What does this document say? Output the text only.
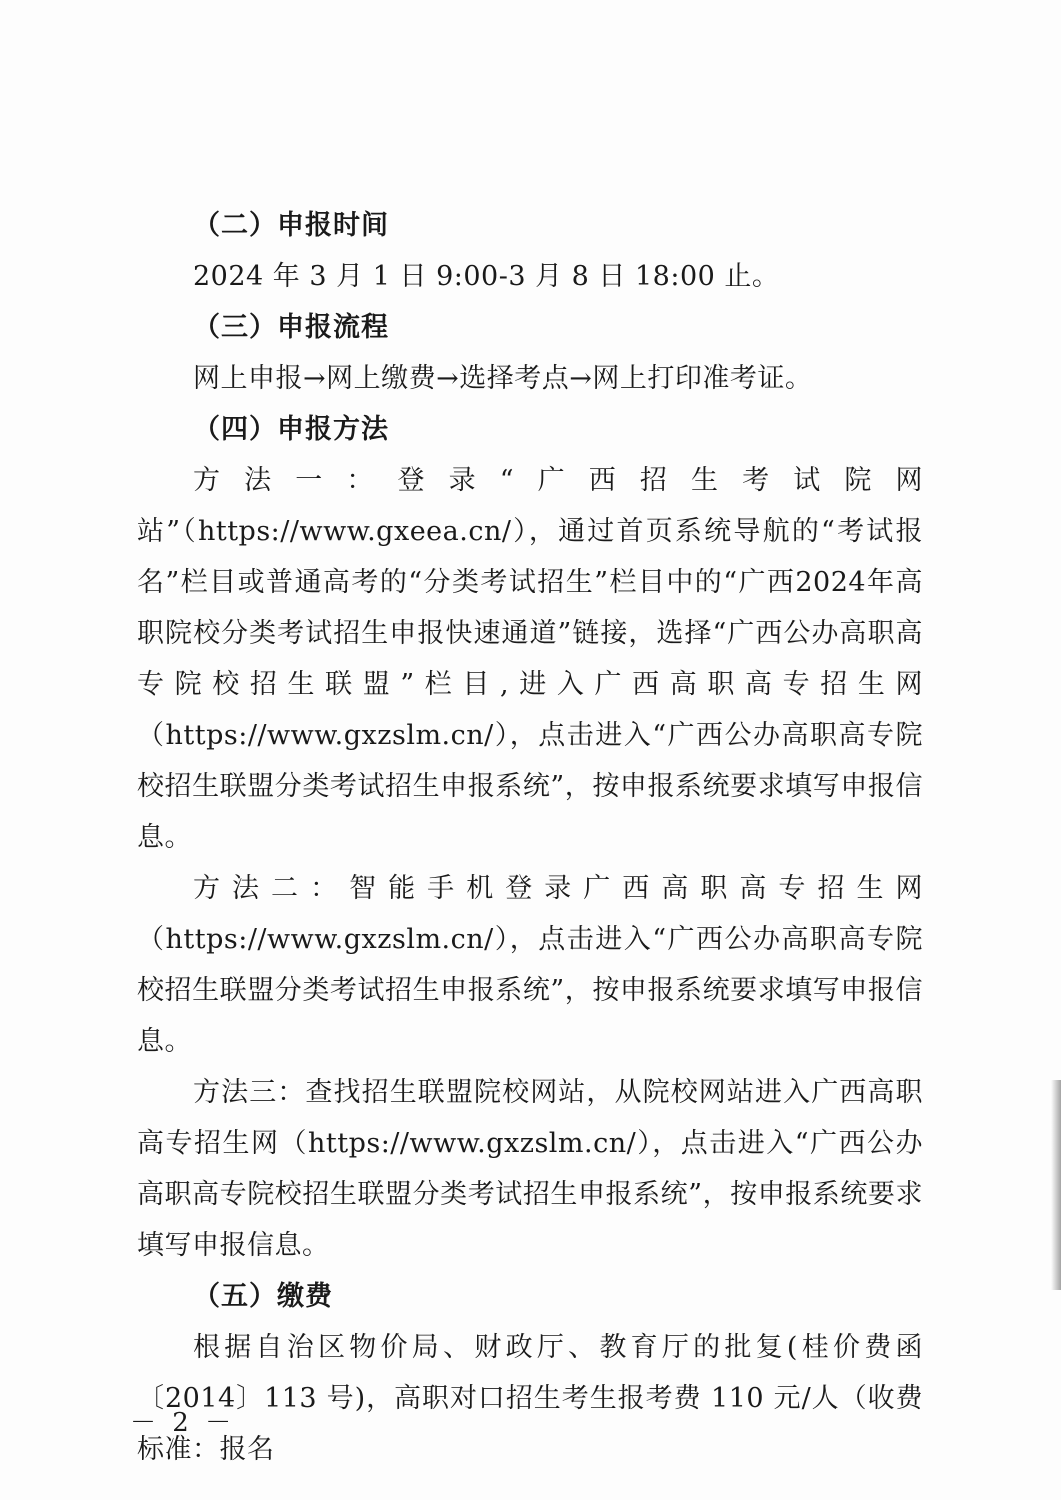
（二）申报时间

2024 年 3 月 1 日 9:00-3 月 8 日 18:00 止。

（三）申报流程

网上申报→网上缴费→选择考点→网上打印准考证。

（四）申报方法

方法一：登录“广西招生考试院网站”（https://www.gxeea.cn/），通过首页系统导航的“考试报名”栏目或普通高考的“分类考试招生”栏目中的“广西2024年高职院校分类考试招生申报快速通道”链接，选择“广西公办高职高专院校招生联盟”栏目,进入广西高职高专招生网（https://www.gxzslm.cn/），点击进入“广西公办高职高专院校招生联盟分类考试招生申报系统”，按申报系统要求填写申报信息。

方法二：智能手机登录广西高职高专招生网（https://www.gxzslm.cn/），点击进入“广西公办高职高专院校招生联盟分类考试招生申报系统”，按申报系统要求填写申报信息。

方法三：查找招生联盟院校网站，从院校网站进入广西高职高专招生网（https://www.gxzslm.cn/），点击进入“广西公办高职高专院校招生联盟分类考试招生申报系统”，按申报系统要求填写申报信息。

（五）缴费

根据自治区物价局、财政厅、教育厅的批复(桂价费函〔2014〕113 号)，高职对口招生考生报考费 110 元/人（收费标准：报名

－ 2 －
